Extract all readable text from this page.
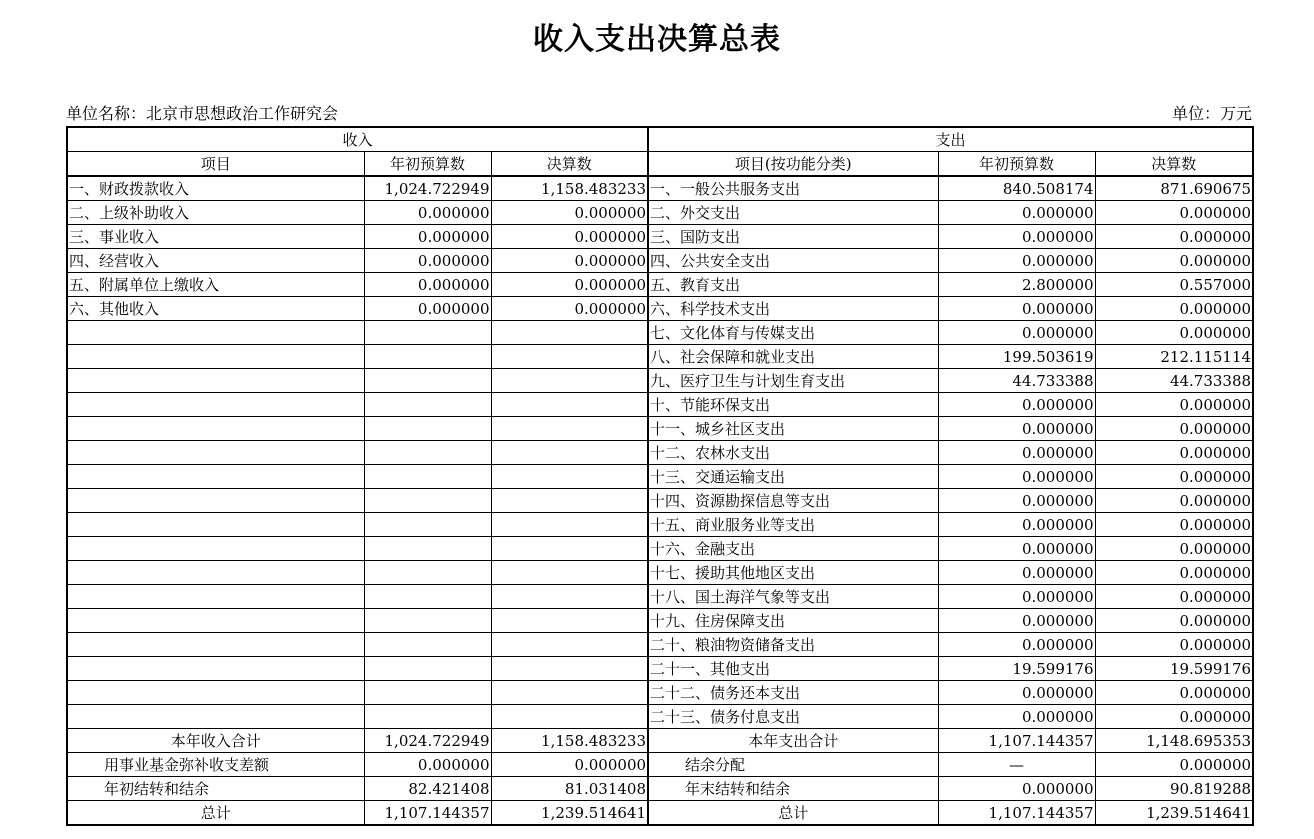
收入支出决算总表
单位名称：北京市思想政治工作研究会	单位：万元
收入			支出		
项目	年初预算数	决算数	项目(按功能分类)	年初预算数	决算数
一、财政拨款收入	1,024.722949	1,158.483233	一、一般公共服务支出	840.508174	871.690675
二、上级补助收入	0.000000	0.000000	二、外交支出	0.000000	0.000000
三、事业收入	0.000000	0.000000	三、国防支出	0.000000	0.000000
四、经营收入	0.000000	0.000000	四、公共安全支出	0.000000	0.000000
五、附属单位上缴收入	0.000000	0.000000	五、教育支出	2.800000	0.557000
六、其他收入	0.000000	0.000000	六、科学技术支出	0.000000	0.000000
			七、文化体育与传媒支出	0.000000	0.000000
			八、社会保障和就业支出	199.503619	212.115114
			九、医疗卫生与计划生育支出	44.733388	44.733388
			十、节能环保支出	0.000000	0.000000
			十一、城乡社区支出	0.000000	0.000000
			十二、农林水支出	0.000000	0.000000
			十三、交通运输支出	0.000000	0.000000
			十四、资源勘探信息等支出	0.000000	0.000000
			十五、商业服务业等支出	0.000000	0.000000
			十六、金融支出	0.000000	0.000000
			十七、援助其他地区支出	0.000000	0.000000
			十八、国土海洋气象等支出	0.000000	0.000000
			十九、住房保障支出	0.000000	0.000000
			二十、粮油物资储备支出	0.000000	0.000000
			二十一、其他支出	19.599176	19.599176
			二十二、债务还本支出	0.000000	0.000000
			二十三、债务付息支出	0.000000	0.000000
本年收入合计	1,024.722949	1,158.483233	本年支出合计	1,107.144357	1,148.695353
用事业基金弥补收支差额	0.000000	0.000000	结余分配	—	0.000000
年初结转和结余	82.421408	81.031408	年末结转和结余	0.000000	90.819288
总计	1,107.144357	1,239.514641	总计	1,107.144357	1,239.514641
